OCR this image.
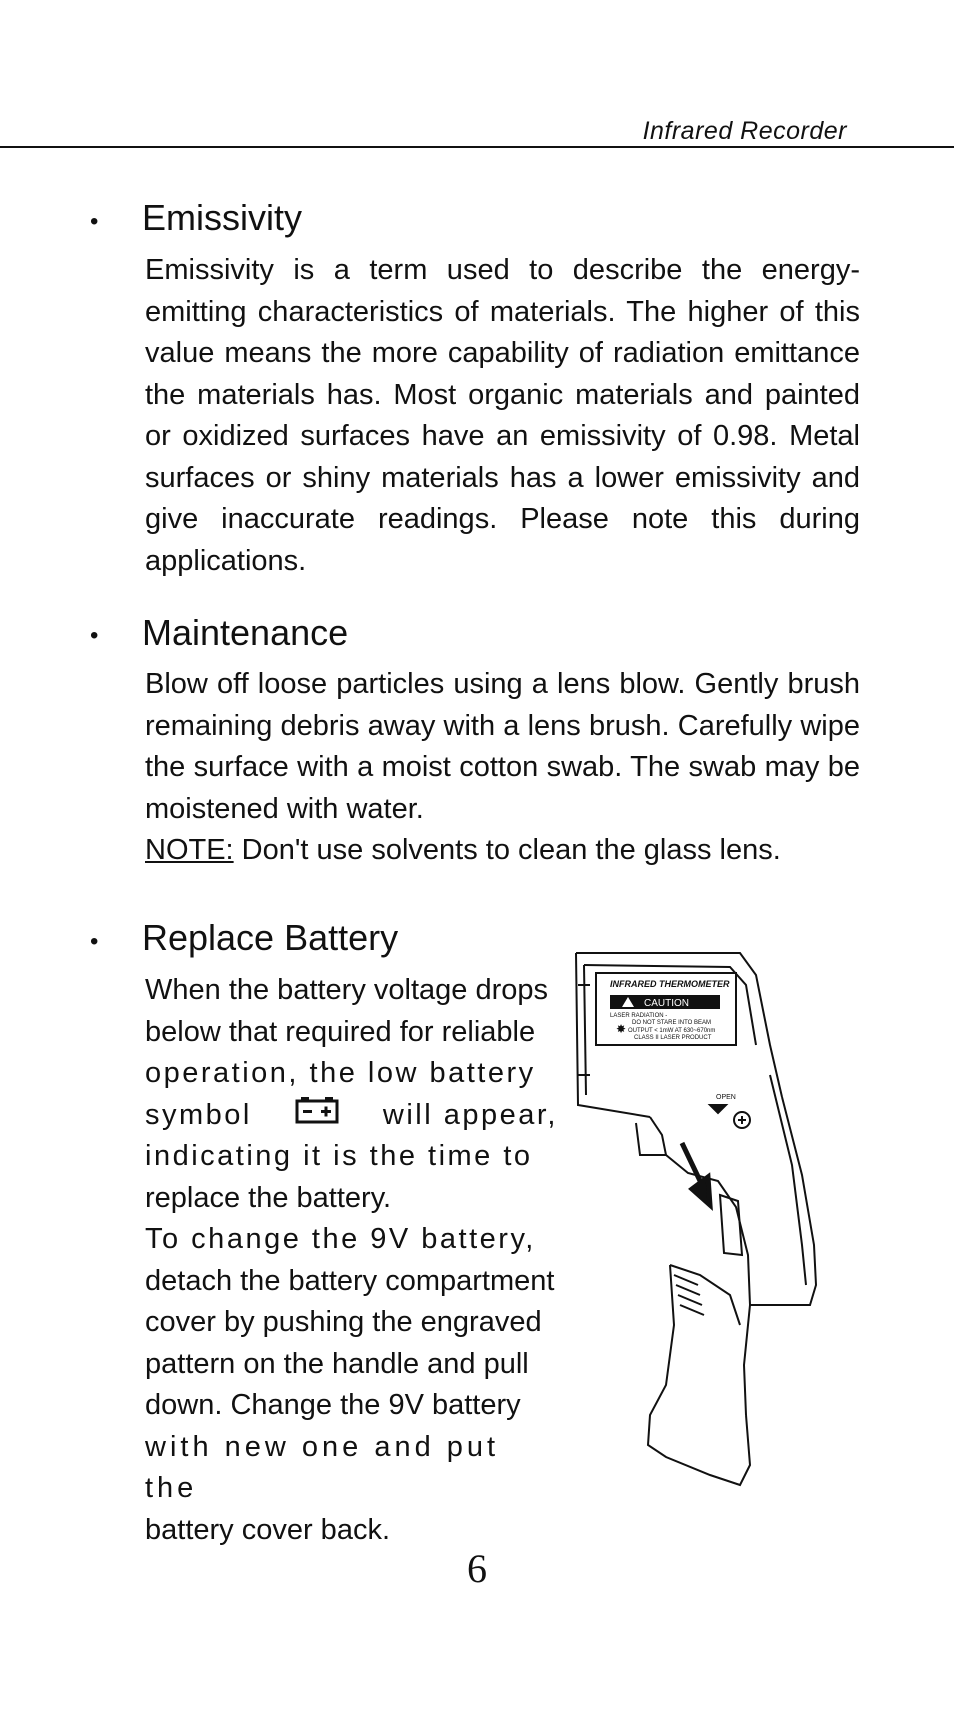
Infrared Recorder
• Emissivity

Emissivity is a term used to describe the energy-emitting characteristics of materials. The higher of this value means the more capability of radiation emittance the materials has. Most organic materials and painted or oxidized surfaces have an emissivity of 0.98. Metal surfaces or shiny materials has a lower emissivity and give inaccurate readings. Please note this during applications.

• Maintenance

Blow off loose particles using a lens blow. Gently brush remaining debris away with a lens brush. Carefully wipe the surface with a moist cotton swab. The swab may be moistened with water.

NOTE: Don't use solvents to clean the glass lens.

• Replace Battery
When the battery voltage drops
below that required for reliable
operation, the low battery
symbol	will appear,
indicating it is the time to
replace the battery.
To change the 9V battery,
detach the battery compartment
cover by pushing the engraved
pattern on the handle and pull
down. Change the 9V battery
with new one and put the
battery cover back.
INFRARED THERMOMETER
CAUTION
LASER RADIATION -
DO NOT STARE INTO BEAM
OUTPUT < 1mW AT 630~670nm
CLASS II LASER PRODUCT
✸
OPEN
6
